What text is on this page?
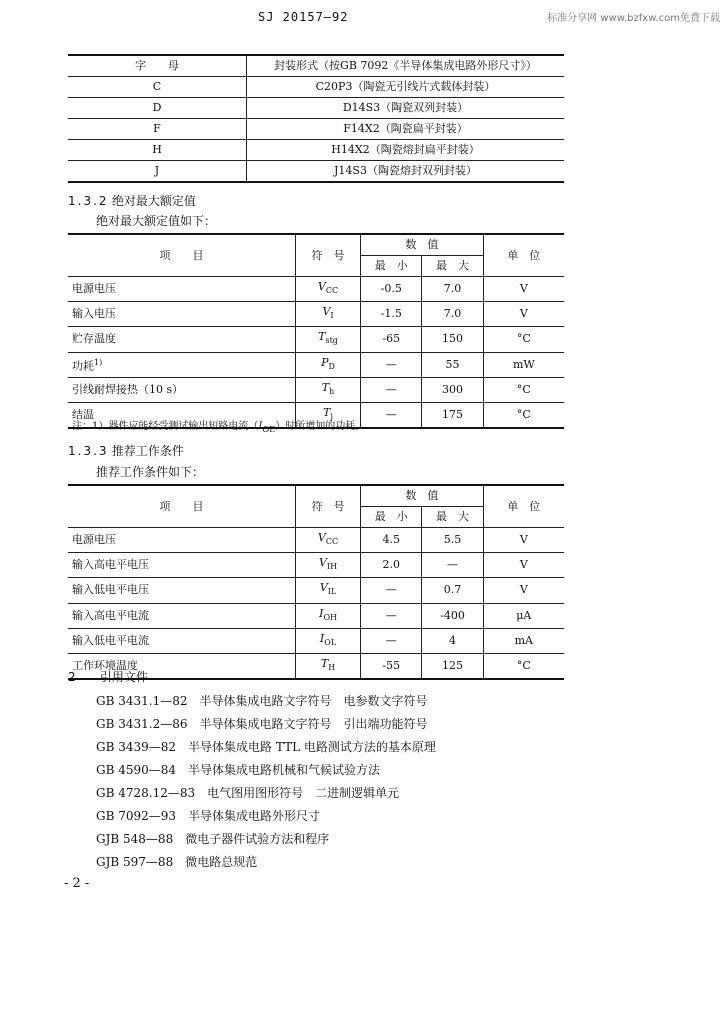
SJ 20157—92	标准分享网 www.bzfxw.com免费下载
字　　母	封装形式（按GB 7092《半导体集成电路外形尺寸》）
C	C20P3（陶瓷无引线片式载体封装）
D	D14S3（陶瓷双列封装）
F	F14X2（陶瓷扁平封装）
H	H14X2（陶瓷熔封扁平封装）
J	J14S3（陶瓷熔封双列封装）
1.3.2 绝对最大额定值
绝对最大额定值如下：
项　　目	符　号	数　值		单　位
		最　小	最　大	
电源电压	$V_{CC}$	-0.5	7.0	V
输入电压	$V_I$	-1.5	7.0	V
贮存温度	$T_{stg}$	-65	150	°C
功耗$^{1)}$	$P_D$	—	55	mW
引线耐焊接热（10 s）	$T_h$	—	300	°C
结温	$T_j$	—	175	°C
注：1）器件应能经受测试输出短路电流$(I_{OE})$时所增加的功耗。
1.3.3 推荐工作条件
推荐工作条件如下：
项　　目	符　号	数　值		单　位
		最　小	最　大	
电源电压	$V_{CC}$	4.5	5.5	V
输入高电平电压	$V_{IH}$	2.0	—	V
输入低电平电压	$V_{IL}$	—	0.7	V
输入高电平电流	$I_{OH}$	—	-400	μA
输入低电平电流	$I_{OL}$	—	4	mA
工作环境温度	$T_H$	-55	125	°C
2 引用文件
GB 3431.1—82　 半导体集成电路文字符号　电参数文字符号
GB 3431.2—86　 半导体集成电路文字符号　引出端功能符号
GB 3439—82　 半导体集成电路 TTL 电路测试方法的基本原理
GB 4590—84　 半导体集成电路机械和气候试验方法
GB 4728.12—83　 电气图用图形符号　二进制逻辑单元
GB 7092—93　 半导体集成电路外形尺寸
GJB 548—88　 微电子器件试验方法和程序
GJB 597—88　 微电路总规范
- 2 -
